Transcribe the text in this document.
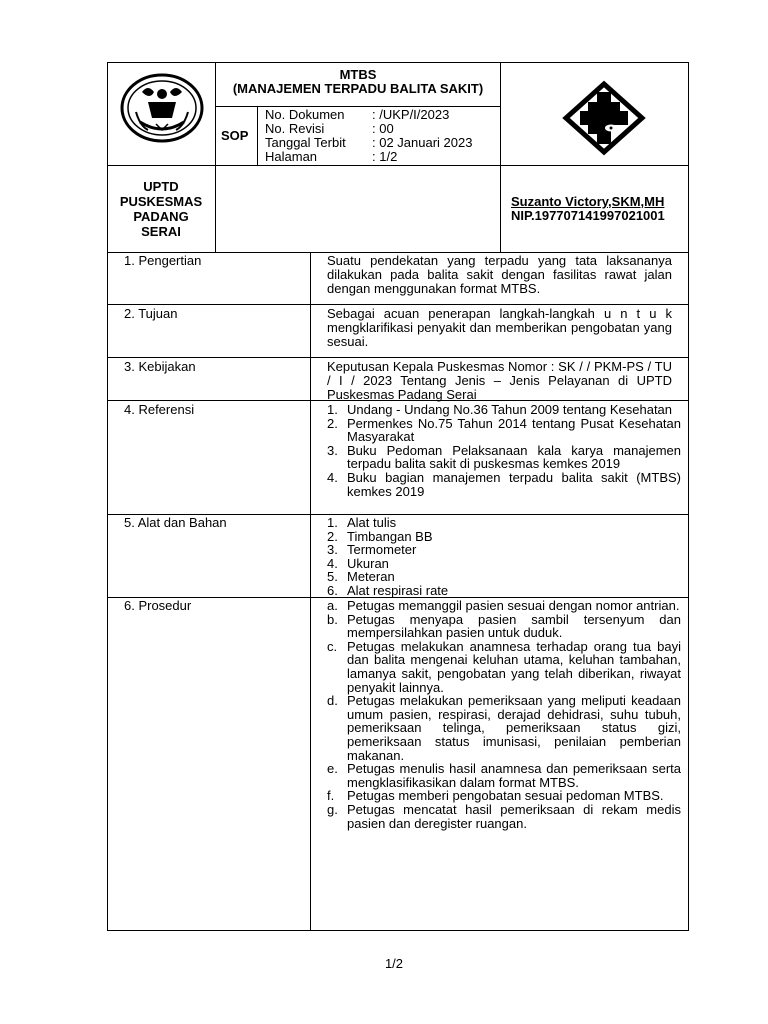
MTBS
(MANAJEMEN TERPADU BALITA SAKIT)
SOP
No. Dokumen : /UKP/I/2023
No. Revisi	: 00
Tanggal Terbit : 02 Januari 2023
Halaman	: 1/2
UPTD
PUSKESMAS
PADANG
SERAI
Suzanto Victory,SKM,MH
NIP.197707141997021001
1. Pengertian
2. Tujuan
3. Kebijakan
4. Referensi
5. Alat dan Bahan
6. Prosedur
Suatu pendekatan yang terpadu yang tata laksananya dilakukan pada balita sakit dengan fasilitas rawat jalan dengan menggunakan format MTBS.
Sebagai acuan penerapan langkah-langkah u n t u k mengklarifikasi penyakit dan memberikan pengobatan yang sesuai.
Keputusan Kepala Puskesmas Nomor : SK / / PKM-PS / TU / I / 2023 Tentang Jenis – Jenis Pelayanan di UPTD Puskesmas Padang Serai
1. Undang - Undang No.36 Tahun 2009 tentang Kesehatan
2. Permenkes No.75 Tahun 2014 tentang Pusat Kesehatan Masyarakat
3. Buku Pedoman Pelaksanaan kala karya manajemen terpadu balita sakit di puskesmas kemkes 2019
4. Buku bagian manajemen terpadu balita sakit (MTBS) kemkes 2019
1. Alat tulis
2. Timbangan BB
3. Termometer
4. Ukuran
5. Meteran
6. Alat respirasi rate
a. Petugas memanggil pasien sesuai dengan nomor antrian.
b. Petugas menyapa pasien sambil tersenyum dan mempersilahkan pasien untuk duduk.
c. Petugas melakukan anamnesa terhadap orang tua bayi dan balita mengenai keluhan utama, keluhan tambahan, lamanya sakit, pengobatan yang telah diberikan, riwayat penyakit lainnya.
d. Petugas melakukan pemeriksaan yang meliputi keadaan umum pasien, respirasi, derajad dehidrasi, suhu tubuh, pemeriksaan telinga, pemeriksaan status gizi, pemeriksaan status imunisasi, penilaian pemberian makanan.
e. Petugas menulis hasil anamnesa dan pemeriksaan serta mengklasifikasikan dalam format MTBS.
f. Petugas memberi pengobatan sesuai pedoman MTBS.
g. Petugas mencatat hasil pemeriksaan di rekam medis pasien dan deregister ruangan.
1/2
